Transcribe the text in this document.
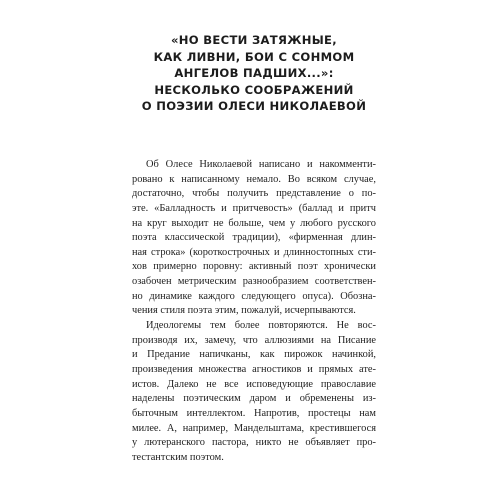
«НО ВЕСТИ ЗАТЯЖНЫЕ,
КАК ЛИВНИ, БОИ С СОНМОМ
АНГЕЛОВ ПАДШИХ...»:
НЕСКОЛЬКО СООБРАЖЕНИЙ
О ПОЭЗИИ ОЛЕСИ НИКОЛАЕВОЙ
Об Олесе Николаевой написано и накомменти-
ровано к написанному немало. Во всяком случае,
достаточно, чтобы получить представление о по-
эте. «Балладность и притчевость» (баллад и притч
на круг выходит не больше, чем у любого русского
поэта классической традиции), «фирменная длин-
ная строка» (короткострочных и длинностопных сти-
хов примерно поровну: активный поэт хронически
озабочен метрическим разнообразием соответствен-
но динамике каждого следующего опуса). Обозна-
чения стиля поэта этим, пожалуй, исчерпываются.
Идеологемы тем более повторяются. Не вос-
производя их, замечу, что аллюзиями на Писание
и Предание напичканы, как пирожок начинкой,
произведения множества агностиков и прямых ате-
истов. Далеко не все исповедующие православие
наделены поэтическим даром и обременены из-
быточным интеллектом. Напротив, простецы нам
милее. А, например, Мандельштама, крестившегося
у лютеранского пастора, никто не объявляет про-
тестантским поэтом.
